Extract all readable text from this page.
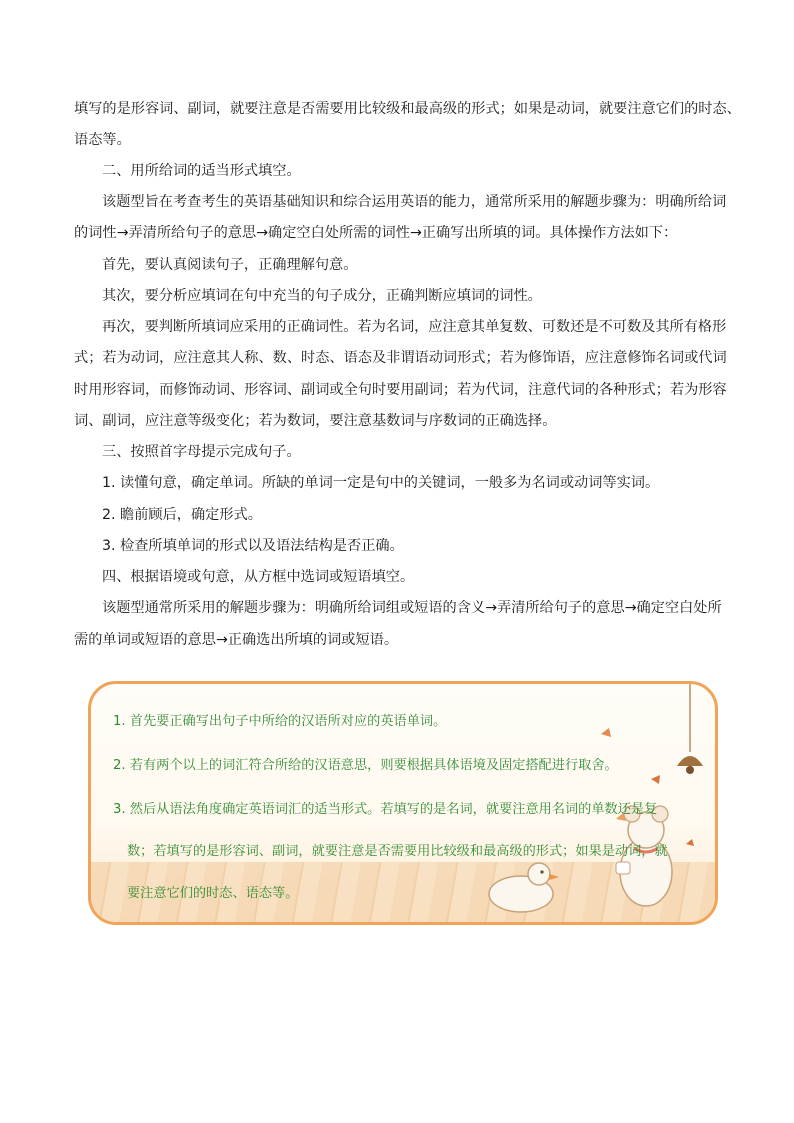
填写的是形容词、副词，就要注意是否需要用比较级和最高级的形式；如果是动词，就要注意它们的时态、
语态等。
二、用所给词的适当形式填空。
该题型旨在考查考生的英语基础知识和综合运用英语的能力，通常所采用的解题步骤为：明确所给词
的词性→弄清所给句子的意思→确定空白处所需的词性→正确写出所填的词。具体操作方法如下：
首先，要认真阅读句子，正确理解句意。
其次，要分析应填词在句中充当的句子成分，正确判断应填词的词性。
再次，要判断所填词应采用的正确词性。若为名词，应注意其单复数、可数还是不可数及其所有格形
式；若为动词，应注意其人称、数、时态、语态及非谓语动词形式；若为修饰语，应注意修饰名词或代词
时用形容词，而修饰动词、形容词、副词或全句时要用副词；若为代词，注意代词的各种形式；若为形容
词、副词，应注意等级变化；若为数词，要注意基数词与序数词的正确选择。
三、按照首字母提示完成句子。
1. 读懂句意，确定单词。所缺的单词一定是句中的关键词，一般多为名词或动词等实词。
2. 瞻前顾后，确定形式。
3. 检查所填单词的形式以及语法结构是否正确。
四、根据语境或句意，从方框中选词或短语填空。
该题型通常所采用的解题步骤为：明确所给词组或短语的含义→弄清所给句子的意思→确定空白处所
需的单词或短语的意思→正确选出所填的词或短语。
1. 首先要正确写出句子中所给的汉语所对应的英语单词。
2. 若有两个以上的词汇符合所给的汉语意思，则要根据具体语境及固定搭配进行取舍。
3. 然后从语法角度确定英语词汇的适当形式。若填写的是名词，就要注意用名词的单数还是复
数；若填写的是形容词、副词，就要注意是否需要用比较级和最高级的形式；如果是动词，就
要注意它们的时态、语态等。
